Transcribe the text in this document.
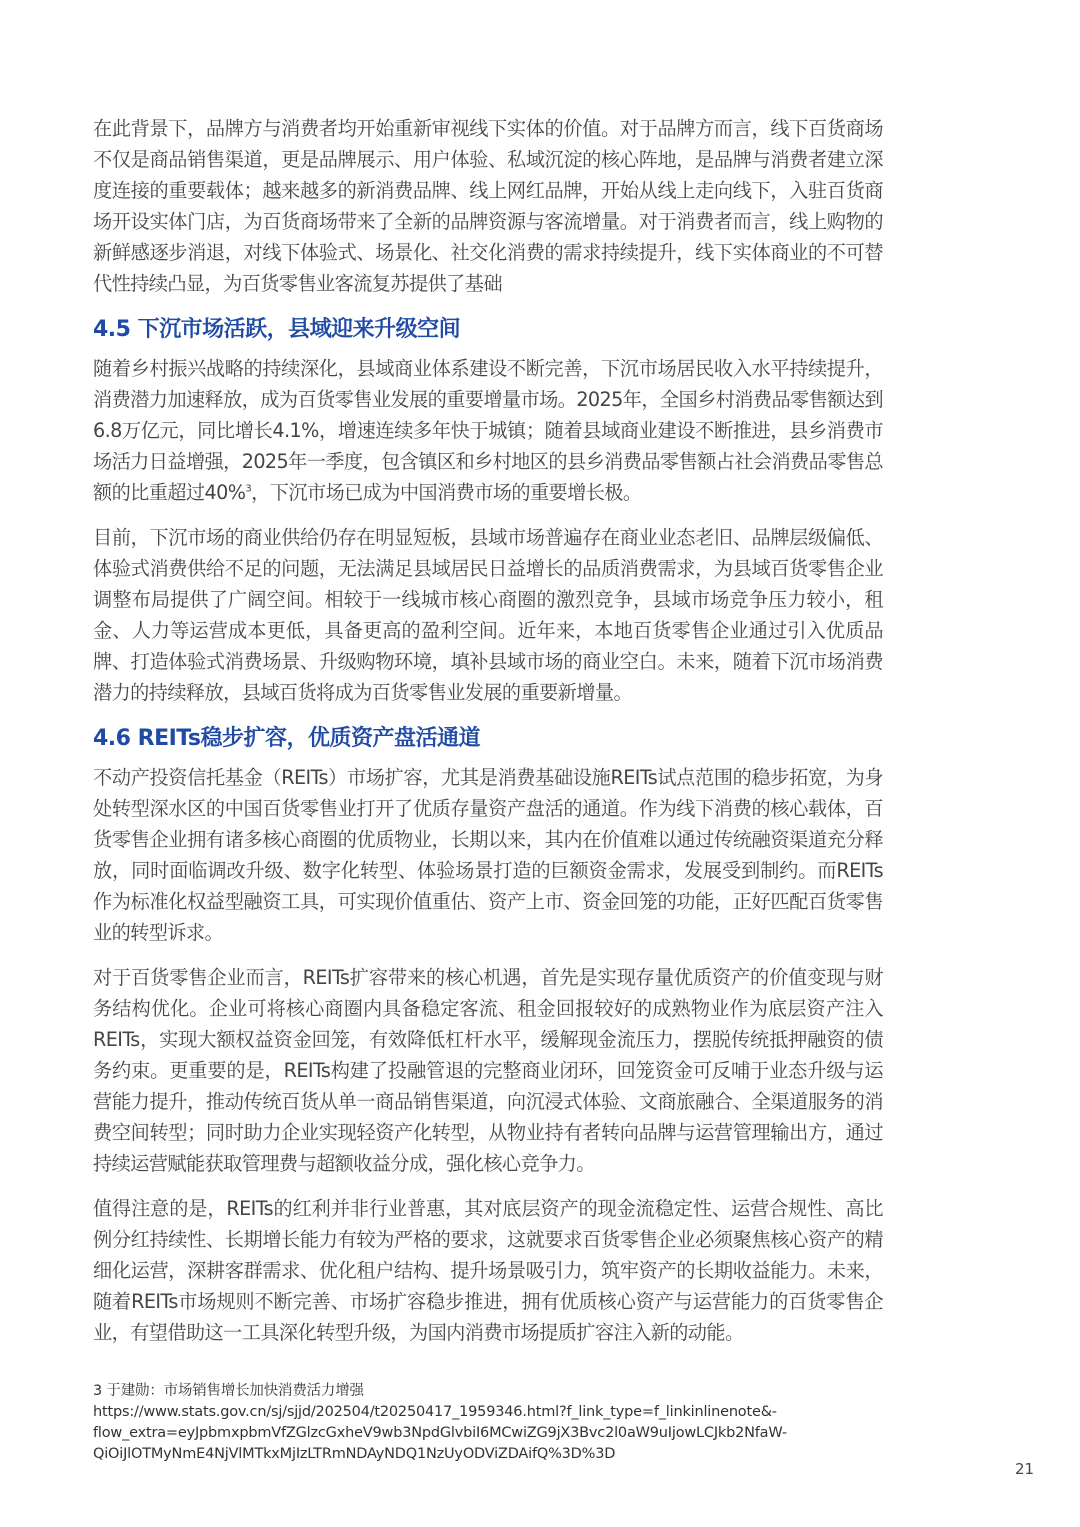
在此背景下，品牌方与消费者均开始重新审视线下实体的价值。对于品牌方而言，线下百货商场不仅是商品销售渠道，更是品牌展示、用户体验、私域沉淀的核心阵地，是品牌与消费者建立深度连接的重要载体；越来越多的新消费品牌、线上网红品牌，开始从线上走向线下，入驻百货商场开设实体门店，为百货商场带来了全新的品牌资源与客流增量。对于消费者而言，线上购物的新鲜感逐步消退，对线下体验式、场景化、社交化消费的需求持续提升，线下实体商业的不可替代性持续凸显，为百货零售业客流复苏提供了基础

4.5 下沉市场活跃，县域迎来升级空间

随着乡村振兴战略的持续深化，县域商业体系建设不断完善，下沉市场居民收入水平持续提升，消费潜力加速释放，成为百货零售业发展的重要增量市场。2025年，全国乡村消费品零售额达到6.8万亿元，同比增长4.1%，增速连续多年快于城镇；随着县域商业建设不断推进，县乡消费市场活力日益增强，2025年一季度，包含镇区和乡村地区的县乡消费品零售额占社会消费品零售总额的比重超过40%$^3$，下沉市场已成为中国消费市场的重要增长极。

目前，下沉市场的商业供给仍存在明显短板，县域市场普遍存在商业业态老旧、品牌层级偏低、体验式消费供给不足的问题，无法满足县域居民日益增长的品质消费需求，为县域百货零售企业调整布局提供了广阔空间。相较于一线城市核心商圈的激烈竞争，县域市场竞争压力较小，租金、人力等运营成本更低，具备更高的盈利空间。近年来，本地百货零售企业通过引入优质品牌、打造体验式消费场景、升级购物环境，填补县域市场的商业空白。未来，随着下沉市场消费潜力的持续释放，县域百货将成为百货零售业发展的重要新增量。

4.6 REITs稳步扩容，优质资产盘活通道

不动产投资信托基金（REITs）市场扩容，尤其是消费基础设施REITs试点范围的稳步拓宽，为身处转型深水区的中国百货零售业打开了优质存量资产盘活的通道。作为线下消费的核心载体，百货零售企业拥有诸多核心商圈的优质物业，长期以来，其内在价值难以通过传统融资渠道充分释放，同时面临调改升级、数字化转型、体验场景打造的巨额资金需求，发展受到制约。而REITs作为标准化权益型融资工具，可实现价值重估、资产上市、资金回笼的功能，正好匹配百货零售业的转型诉求。

对于百货零售企业而言，REITs扩容带来的核心机遇，首先是实现存量优质资产的价值变现与财务结构优化。企业可将核心商圈内具备稳定客流、租金回报较好的成熟物业作为底层资产注入REITs，实现大额权益资金回笼，有效降低杠杆水平，缓解现金流压力，摆脱传统抵押融资的债务约束。更重要的是，REITs构建了投融管退的完整商业闭环，回笼资金可反哺于业态升级与运营能力提升，推动传统百货从单一商品销售渠道，向沉浸式体验、文商旅融合、全渠道服务的消费空间转型；同时助力企业实现轻资产化转型，从物业持有者转向品牌与运营管理输出方，通过持续运营赋能获取管理费与超额收益分成，强化核心竞争力。

值得注意的是，REITs的红利并非行业普惠，其对底层资产的现金流稳定性、运营合规性、高比例分红持续性、长期增长能力有较为严格的要求，这就要求百货零售企业必须聚焦核心资产的精细化运营，深耕客群需求、优化租户结构、提升场景吸引力，筑牢资产的长期收益能力。未来，随着REITs市场规则不断完善、市场扩容稳步推进，拥有优质核心资产与运营能力的百货零售企业，有望借助这一工具深化转型升级，为国内消费市场提质扩容注入新的动能。

3 于建勋：市场销售增长加快消费活力增强
https://www.stats.gov.cn/sj/sjjd/202504/t20250417_1959346.html?f_link_type=f_linkinlinenote&-
flow_extra=eyJpbmxpbmVfZGlzcGxheV9wb3NpdGlvbiI6MCwiZG9jX3Bvc2l0aW9uIjowLCJkb2NfaW-
QiOiJlOTMyNmE4NjVlMTkxMjIzLTRmNDAyNDQ1NzUyODViZDAifQ%3D%3D
21
